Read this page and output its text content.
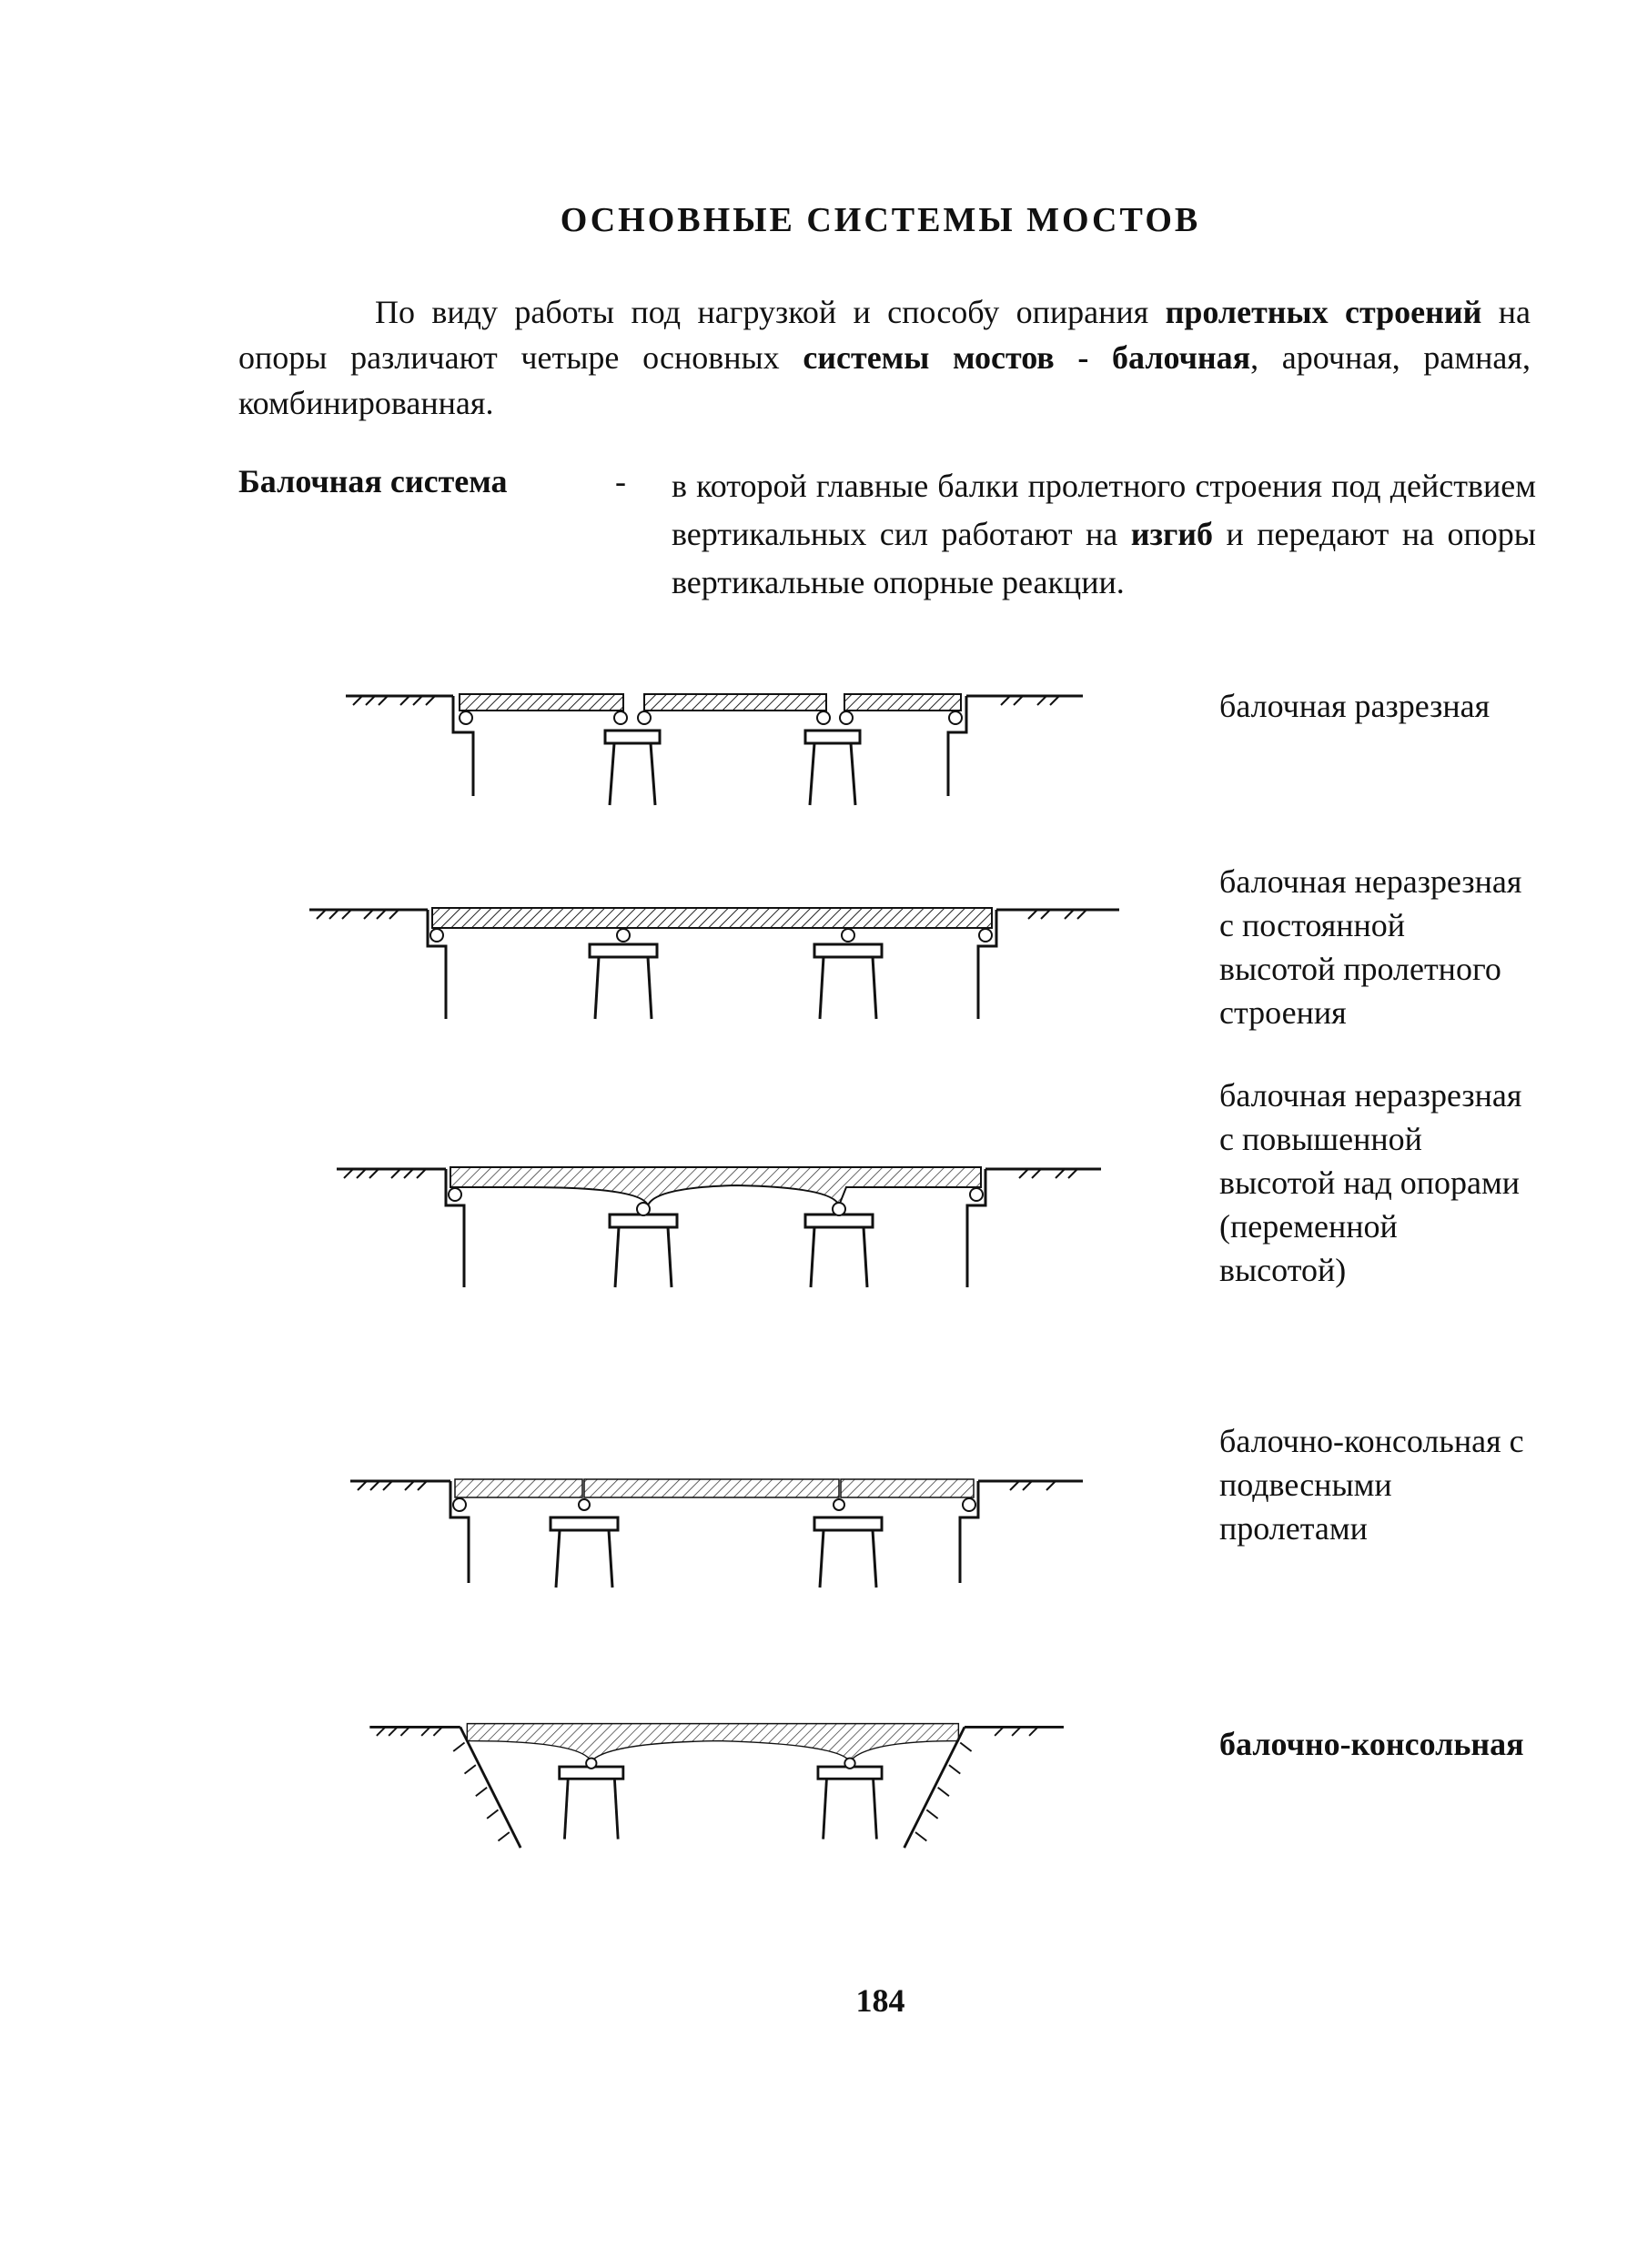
ОСНОВНЫЕ СИСТЕМЫ МОСТОВ
По виду работы под нагрузкой и способу опирания пролетных строений на опоры различают четыре основных системы мостов - балочная, арочная, рамная, комбинированная.
Балочная система	- в которой главные балки пролетного строения под действием вертикальных сил работают на изгиб и передают на опоры вертикальные опорные реакции.
балочная разрезная
балочная неразрезная с постоянной высотой пролетного строения
балочная неразрезная с повышенной высотой над опорами (переменной высотой)
балочно-консольная с подвесными пролетами
балочно-консольная
184
